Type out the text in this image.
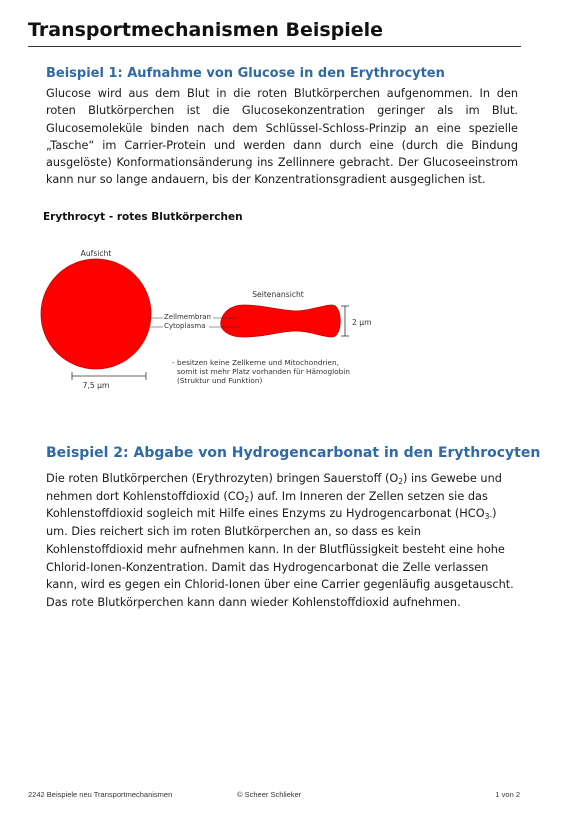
Transportmechanismen Beispiele
Beispiel 1: Aufnahme von Glucose in den Erythrocyten

Glucose wird aus dem Blut in die roten Blutkörperchen aufgenommen. In den
roten Blutkörperchen ist die Glucosekonzentration geringer als im Blut.
Glucosemoleküle binden nach dem Schlüssel-Schloss-Prinzip an eine spezielle
„Tasche“ im Carrier-Protein und werden dann durch eine (durch die Bindung
ausgelöste) Konformationsänderung ins Zellinnere gebracht. Der Glucoseeinstrom
kann nur so lange andauern, bis der Konzentrationsgradient ausgeglichen ist.

Erythrocyt - rotes Blutkörperchen
Aufsicht
7,5 μm
Seitenansicht
Zellmembran
Cytoplasma	2 μm
- besitzen keine Zellkerne und Mitochondrien,
somit ist mehr Platz vorhanden für Hämoglobin
(Struktur und Funktion)
Beispiel 2: Abgabe von Hydrogencarbonat in den Erythrocyten

Die roten Blutkörperchen (Erythrozyten) bringen Sauerstoff $(O_2)$ ins Gewebe und
nehmen dort Kohlenstoffdioxid $(CO_2)$ auf. Im Inneren der Zellen setzen sie das
Kohlenstoffdioxid sogleich mit Hilfe eines Enzyms zu Hydrogencarbonat $(HCO_{3-})$
um. Dies reichert sich im roten Blutkörperchen an, so dass es kein
Kohlenstoffdioxid mehr aufnehmen kann. In der Blutflüssigkeit besteht eine hohe
Chlorid-Ionen-Konzentration. Damit das Hydrogencarbonat die Zelle verlassen
kann, wird es gegen ein Chlorid-Ionen über eine Carrier gegenläufig ausgetauscht.
Das rote Blutkörperchen kann dann wieder Kohlenstoffdioxid aufnehmen.

2242 Beispiele neu Transportmechanismen	© Scheer Schlieker	1 von 2
